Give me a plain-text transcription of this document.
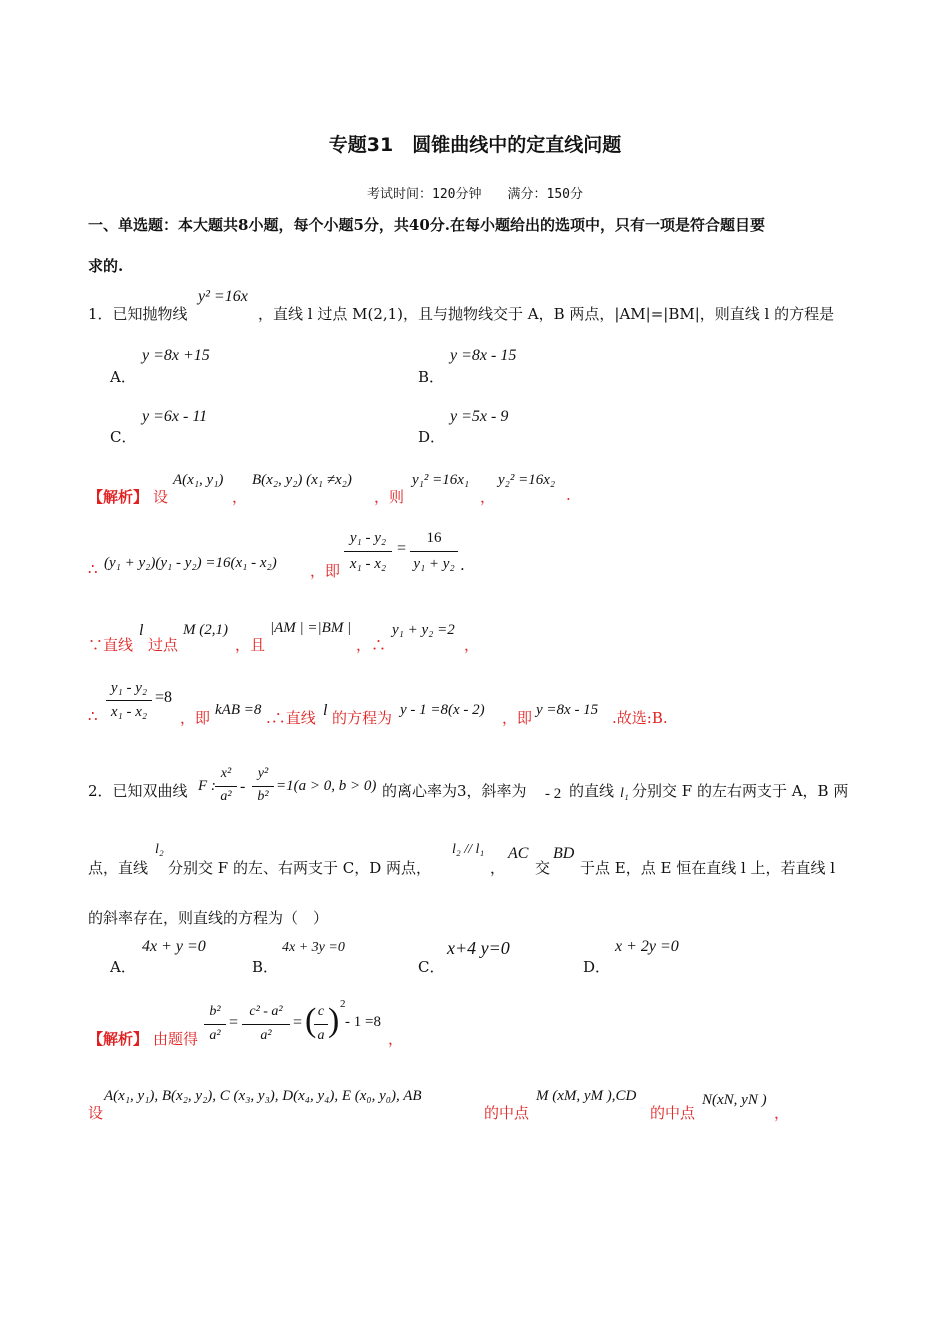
专题31　圆锥曲线中的定直线问题
考试时间：120分钟　　满分：150分
一、单选题：本大题共8小题，每个小题5分，共40分.在每小题给出的选项中，只有一项是符合题目要
求的.
1．已知抛物线
y² =16x
，直线 l 过点 M(2,1)，且与抛物线交于 A，B 两点，|AM|=|BM|，则直线 l 的方程是
A．
y =8x +15
B．
y =8x - 15
C．
y =6x - 11
D．
y =5x - 9
【解析】 设
A(x₁, y₁)
，
B(x₂, y₂) (x₁ ≠x₂)
，则
y₁² =16x₁
，
y₂² =16x₂
.
∴ (y₁ + y₂)(y₁ - y₂) =16(x₁ - x₂) ，即
y₁ - y₂
x₁ - x₂
=
16
y₁ + y₂ .
∵直线
l
过点
M (2,1)
，且
|AM | =|BM |
，∴
y₁ + y₂ =2
，
y₁ - y₂
x₁ - x₂
=8
∴	，即 kAB =8 .∴直线 l 的方程为 y - 1 =8(x - 2) ，即 y =8x - 15 .故选:B.
2．已知双曲线 F :
x²
a²
-
y²
b²
=1(a > 0, b > 0) 的离心率为3，斜率为 - 2 的直线 l₁ 分别交 F 的左右两支于 A，B 两
点，直线
l₂
分别交 F 的左、右两支于 C，D 两点，
l₂ // l₁
，
AC
交
BD
于点 E，点 E 恒在直线 l 上，若直线 l
的斜率存在，则直线的方程为（　）
A．
4x + y =0
B．
4x + 3y =0
C．
x+4 y=0
D．
x + 2y =0
【解析】 由题得
b²
a²
=
c² - a²
a²
= ( c
a ) 2
- 1 =8
，
设
A(x₁, y₁), B(x₂, y₂), C (x₃, y₃), D(x₄, y₄), E (x₀, y₀), AB
的中点
M (xM, yM ),CD
的中点
N(xN, yN )
，
